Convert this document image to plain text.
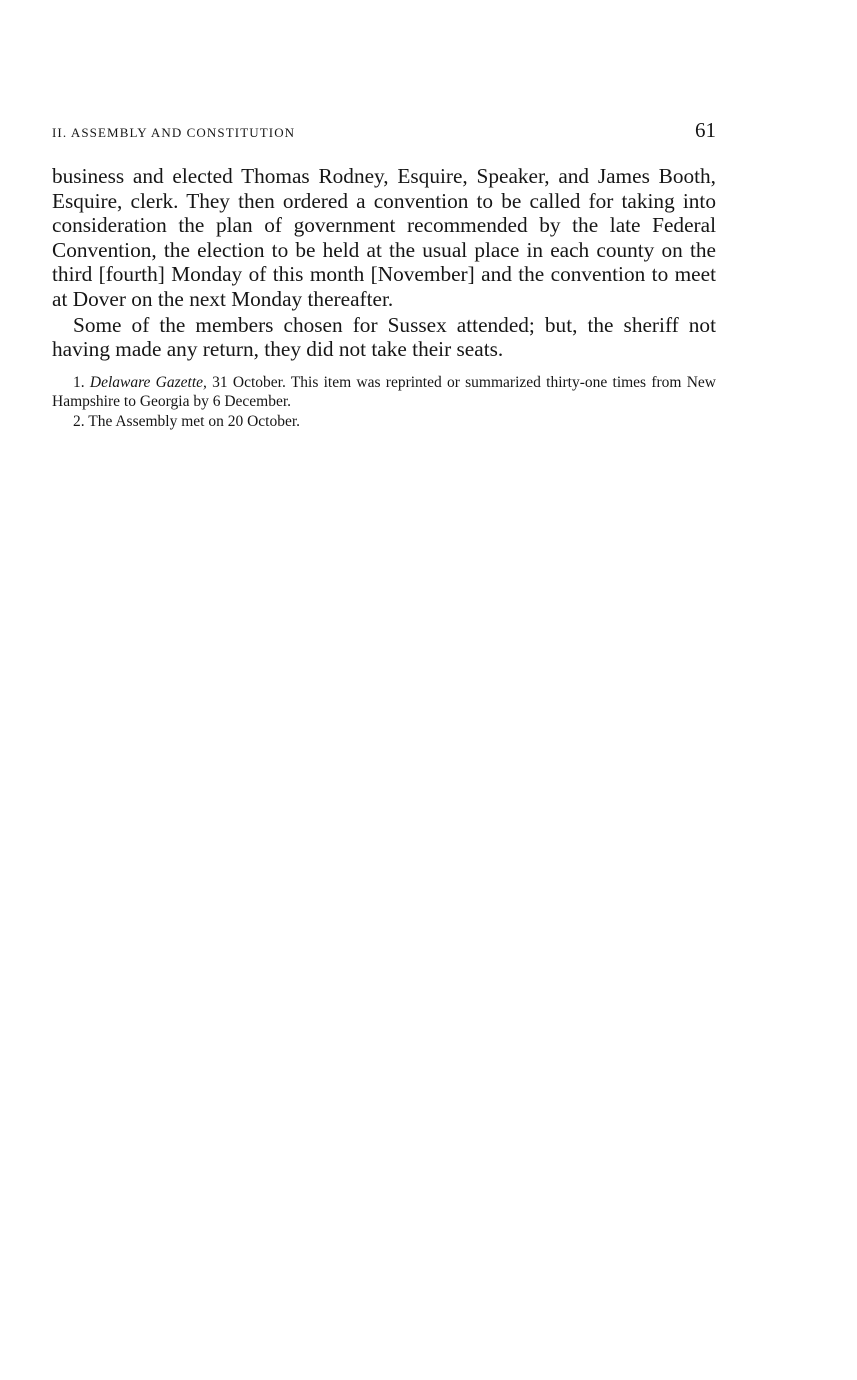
II. ASSEMBLY AND CONSTITUTION	61

business and elected Thomas Rodney, Esquire, Speaker, and James Booth, Esquire, clerk. They then ordered a convention to be called for taking into consideration the plan of government recommended by the late Federal Convention, the election to be held at the usual place in each county on the third [fourth] Monday of this month [November] and the convention to meet at Dover on the next Monday thereafter.

Some of the members chosen for Sussex attended; but, the sheriff not having made any return, they did not take their seats.

1. Delaware Gazette, 31 October. This item was reprinted or summarized thirty-one times from New Hampshire to Georgia by 6 December.
2. The Assembly met on 20 October.
